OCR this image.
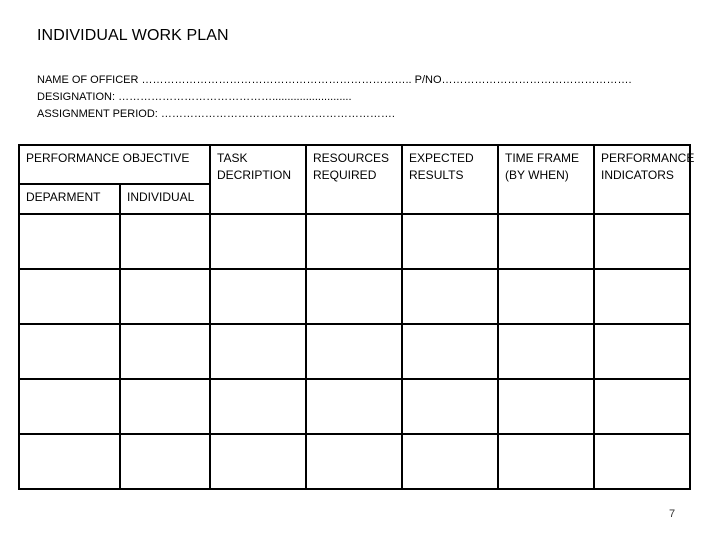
INDIVIDUAL WORK PLAN
NAME OF OFFICER ……………………………………………………………….. P/NO…………………………………………….
DESIGNATION: ……………………………………..........................
ASSIGNMENT PERIOD: ……………………………………………………….
PERFORMANCE OBJECTIVE		TASK DECRIPTION	RESOURCES REQUIRED	EXPECTED RESULTS	TIME FRAME (BY WHEN)	PERFORMANCE INDICATORS
DEPARMENT	INDIVIDUAL					

7
